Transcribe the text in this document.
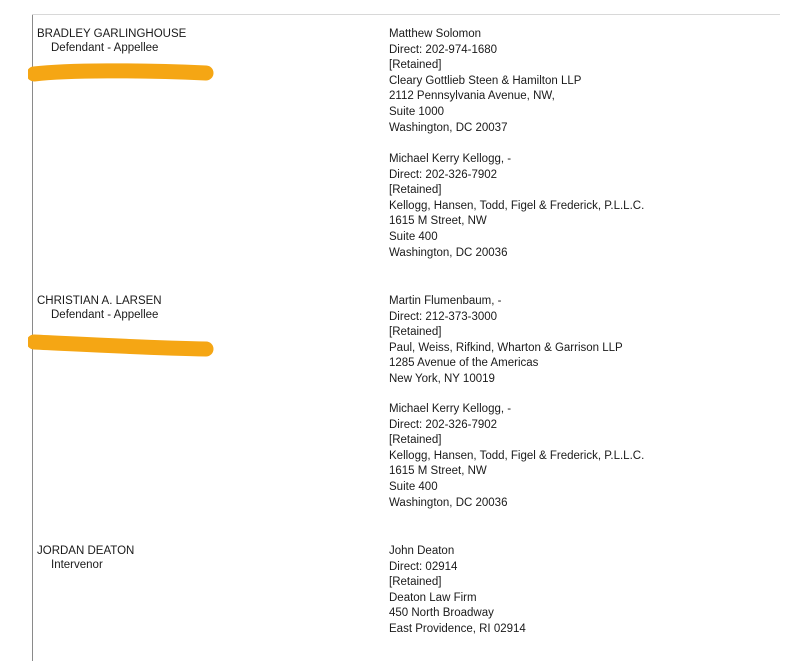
BRADLEY GARLINGHOUSE
Defendant - Appellee
Matthew Solomon
Direct: 202-974-1680
[Retained]
Cleary Gottlieb Steen & Hamilton LLP
2112 Pennsylvania Avenue, NW,
Suite 1000
Washington, DC 20037
Michael Kerry Kellogg, -
Direct: 202-326-7902
[Retained]
Kellogg, Hansen, Todd, Figel & Frederick, P.L.L.C.
1615 M Street, NW
Suite 400
Washington, DC 20036
CHRISTIAN A. LARSEN
Defendant - Appellee
Martin Flumenbaum, -
Direct: 212-373-3000
[Retained]
Paul, Weiss, Rifkind, Wharton & Garrison LLP
1285 Avenue of the Americas
New York, NY 10019
Michael Kerry Kellogg, -
Direct: 202-326-7902
[Retained]
Kellogg, Hansen, Todd, Figel & Frederick, P.L.L.C.
1615 M Street, NW
Suite 400
Washington, DC 20036
JORDAN DEATON
Intervenor
John Deaton
Direct: 02914
[Retained]
Deaton Law Firm
450 North Broadway
East Providence, RI 02914
